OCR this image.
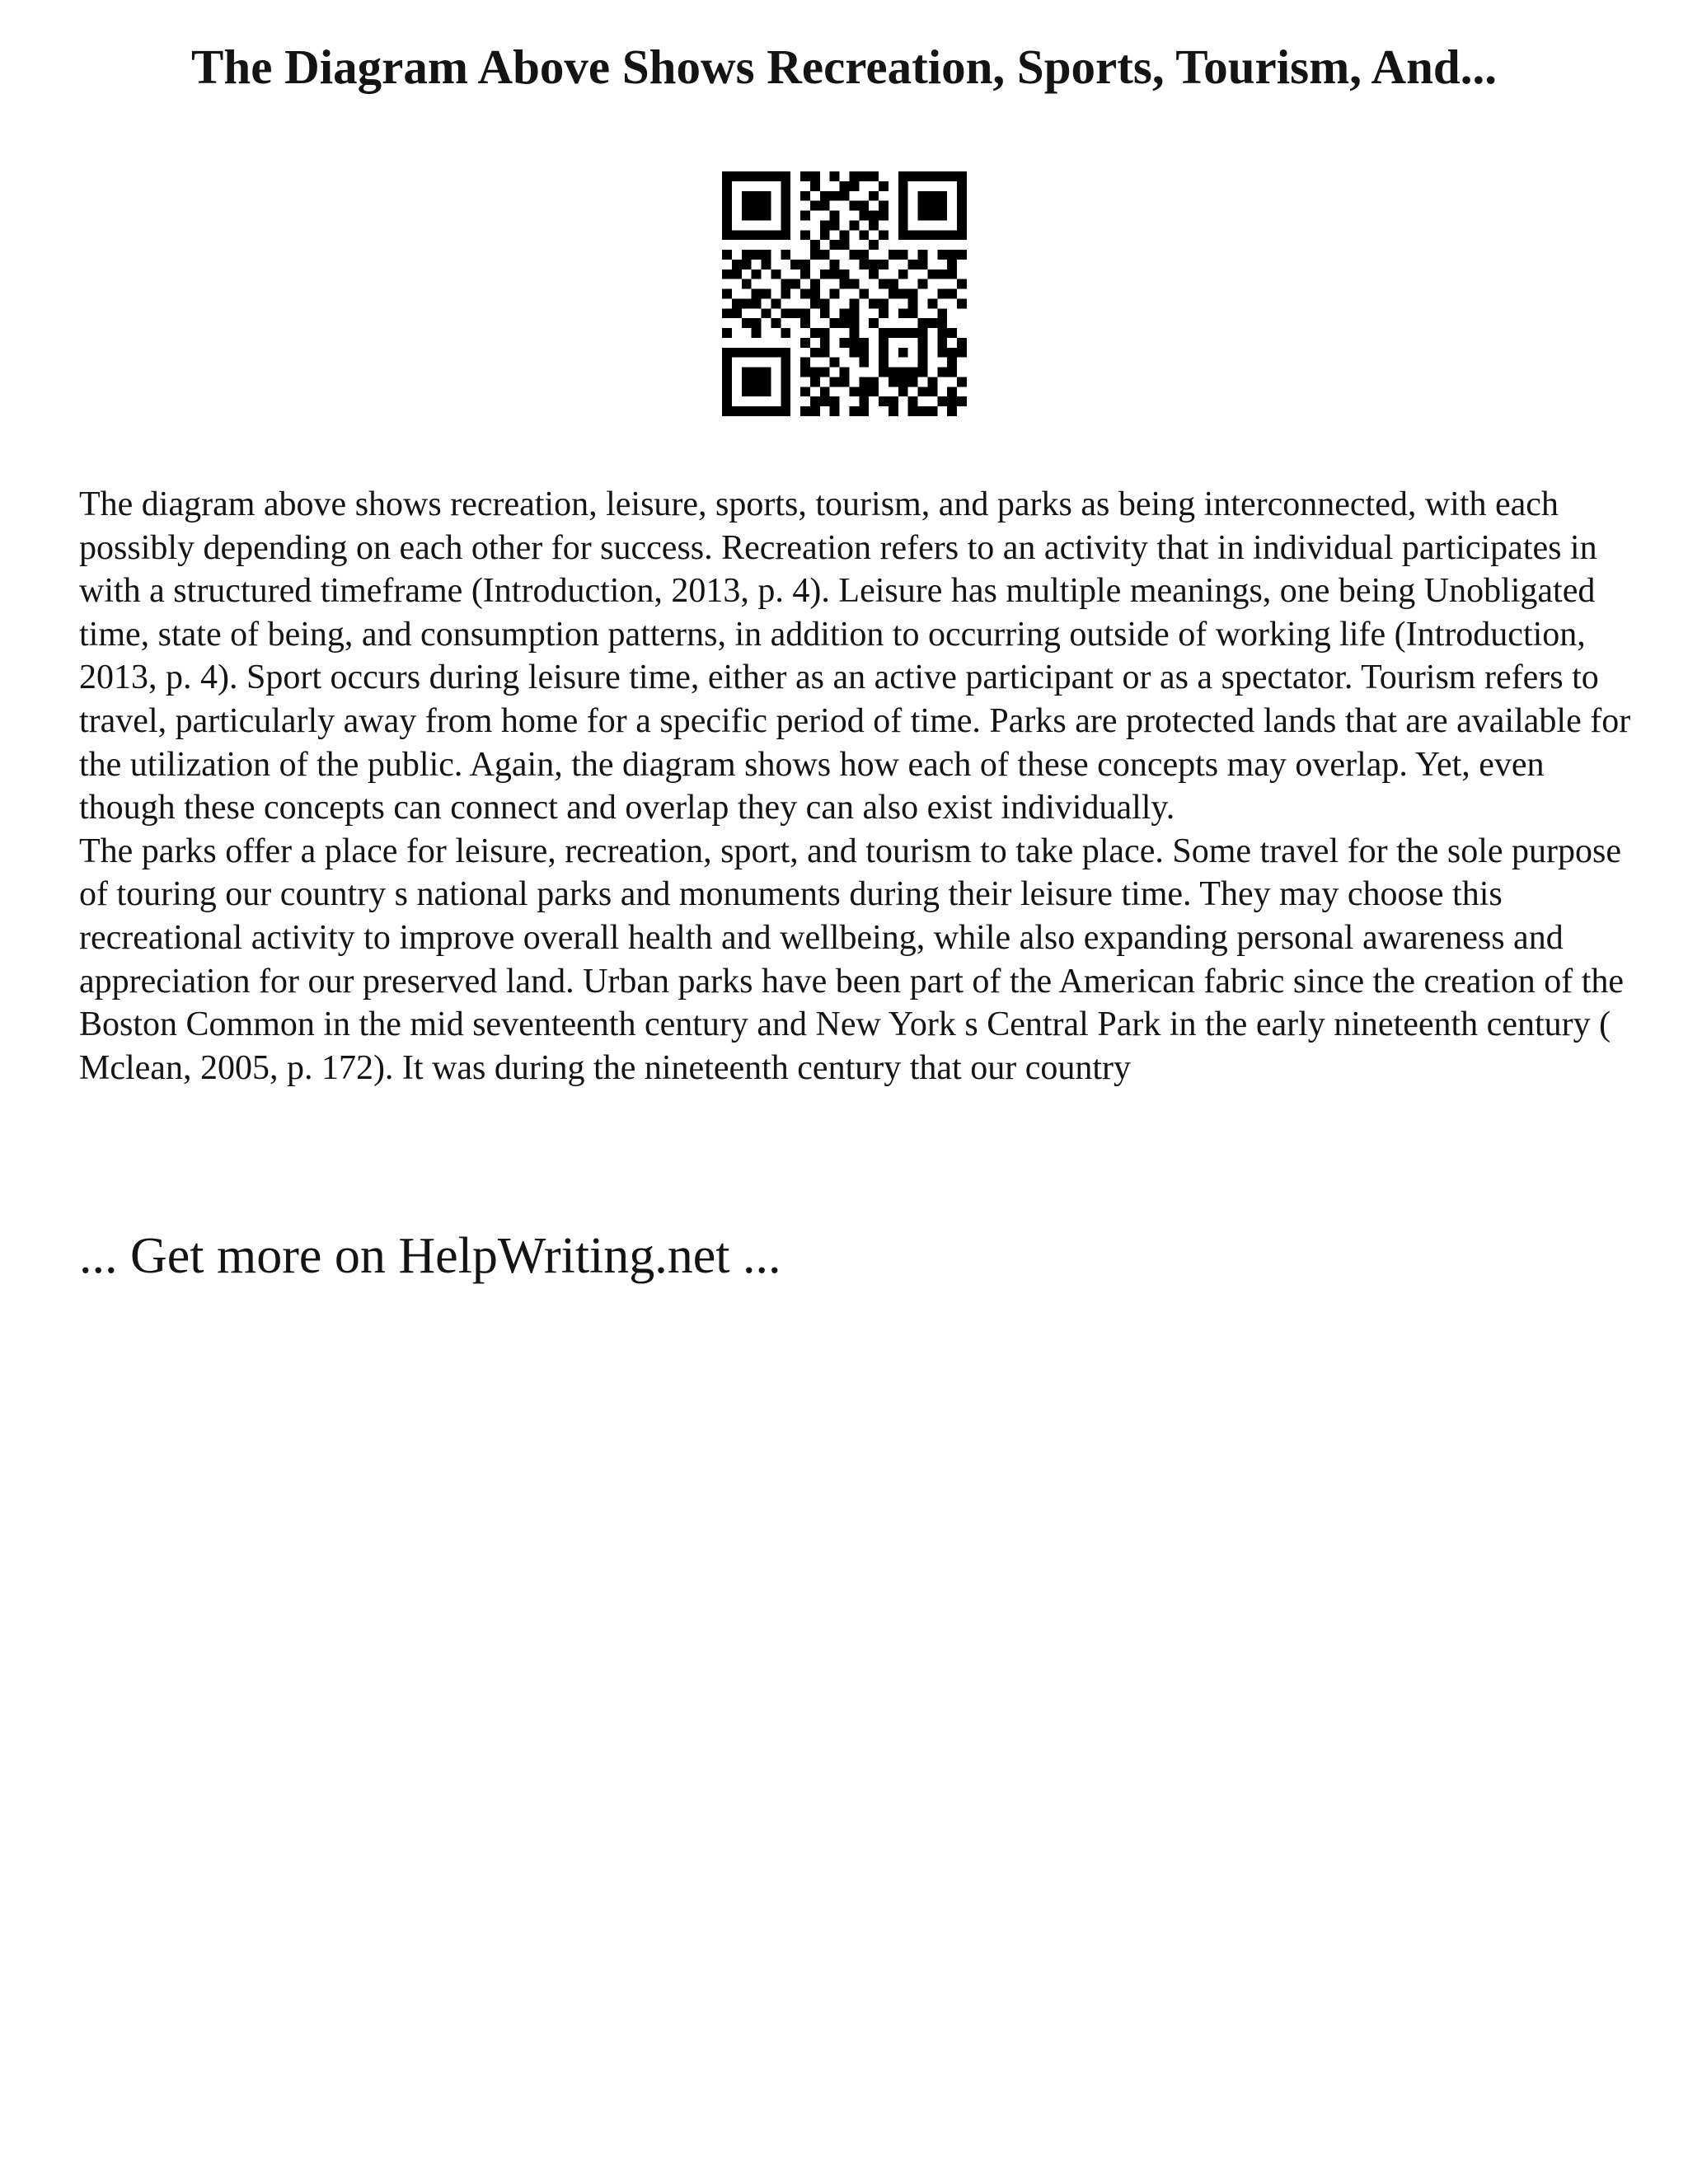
The Diagram Above Shows Recreation, Sports, Tourism, And...

The diagram above shows recreation, leisure, sports, tourism, and parks as being interconnected, with each possibly depending on each other for success. Recreation refers to an activity that in individual participates in with a structured timeframe (Introduction, 2013, p. 4). Leisure has multiple meanings, one being Unobligated time, state of being, and consumption patterns, in addition to occurring outside of working life (Introduction, 2013, p. 4). Sport occurs during leisure time, either as an active participant or as a spectator. Tourism refers to travel, particularly away from home for a specific period of time. Parks are protected lands that are available for the utilization of the public. Again, the diagram shows how each of these concepts may overlap. Yet, even though these concepts can connect and overlap they can also exist individually.

The parks offer a place for leisure, recreation, sport, and tourism to take place. Some travel for the sole purpose of touring our country s national parks and monuments during their leisure time. They may choose this recreational activity to improve overall health and wellbeing, while also expanding personal awareness and appreciation for our preserved land. Urban parks have been part of the American fabric since the creation of the Boston Common in the mid seventeenth century and New York s Central Park in the early nineteenth century ( Mclean, 2005, p. 172). It was during the nineteenth century that our country

... Get more on HelpWriting.net ...
